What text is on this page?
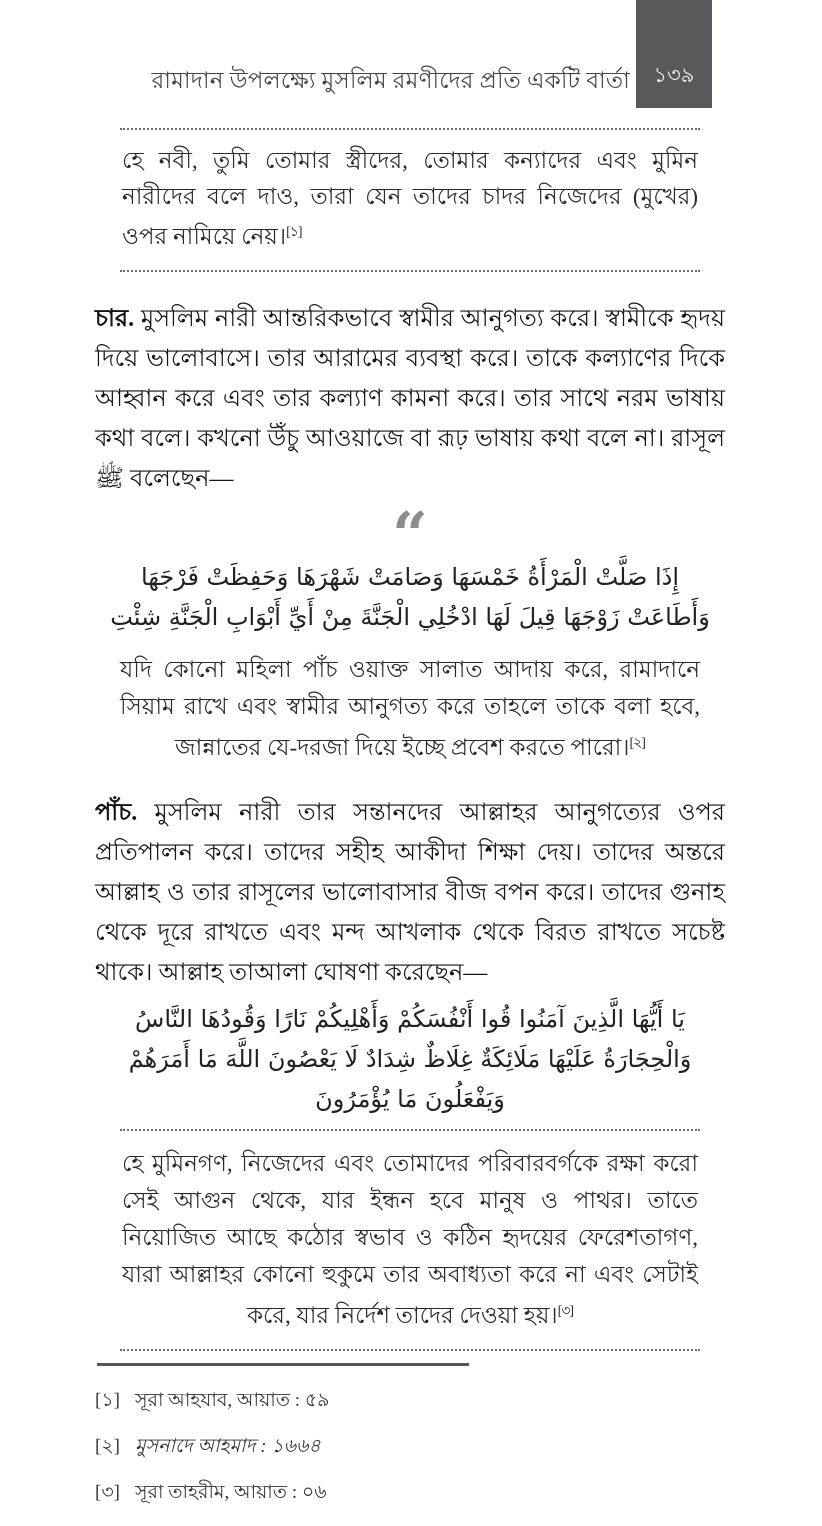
রামাদান উপলক্ষ্যে মুসলিম রমণীদের প্রতি একটি বার্তা ১৩৯
হে নবী, তুমি তোমার স্ত্রীদের, তোমার কন্যাদের এবং মুমিন নারীদের বলে দাও, তারা যেন তাদের চাদর নিজেদের (মুখের) ওপর নামিয়ে নেয়।[১]
চার. মুসলিম নারী আন্তরিকভাবে স্বামীর আনুগত্য করে। স্বামীকে হৃদয় দিয়ে ভালোবাসে। তার আরামের ব্যবস্থা করে। তাকে কল্যাণের দিকে আহ্বান করে এবং তার কল্যাণ কামনা করে। তার সাথে নরম ভাষায় কথা বলে। কখনো উঁচু আওয়াজে বা রূঢ় ভাষায় কথা বলে না। রাসূল ﷺ বলেছেন—
“
إِذَا صَلَّتْ الْمَرْأَةُ خَمْسَهَا وَصَامَتْ شَهْرَهَا وَحَفِظَتْ فَرْجَهَا وَأَطَاعَتْ زَوْجَهَا قِيلَ لَهَا ادْخُلِي الْجَنَّةَ مِنْ أَيِّ أَبْوَابِ الْجَنَّةِ شِئْتِ
যদি কোনো মহিলা পাঁচ ওয়াক্ত সালাত আদায় করে, রামাদানে সিয়াম রাখে এবং স্বামীর আনুগত্য করে তাহলে তাকে বলা হবে, জান্নাতের যে-দরজা দিয়ে ইচ্ছে প্রবেশ করতে পারো।[২]
পাঁচ. মুসলিম নারী তার সন্তানদের আল্লাহর আনুগত্যের ওপর প্রতিপালন করে। তাদের সহীহ আকীদা শিক্ষা দেয়। তাদের অন্তরে আল্লাহ ও তার রাসূলের ভালোবাসার বীজ বপন করে। তাদের গুনাহ থেকে দূরে রাখতে এবং মন্দ আখলাক থেকে বিরত রাখতে সচেষ্ট থাকে। আল্লাহ তাআলা ঘোষণা করেছেন—
يَا أَيُّهَا الَّذِينَ آمَنُوا قُوا أَنْفُسَكُمْ وَأَهْلِيكُمْ نَارًا وَقُودُهَا النَّاسُ وَالْحِجَارَةُ عَلَيْهَا مَلَائِكَةٌ غِلَاظٌ شِدَادٌ لَا يَعْصُونَ اللَّهَ مَا أَمَرَهُمْ وَيَفْعَلُونَ مَا يُؤْمَرُونَ
হে মুমিনগণ, নিজেদের এবং তোমাদের পরিবারবর্গকে রক্ষা করো সেই আগুন থেকে, যার ইন্ধন হবে মানুষ ও পাথর। তাতে নিয়োজিত আছে কঠোর স্বভাব ও কঠিন হৃদয়ের ফেরেশতাগণ, যারা আল্লাহর কোনো হুকুমে তার অবাধ্যতা করে না এবং সেটাই করে, যার নির্দেশ তাদের দেওয়া হয়।[৩]
[১] সূরা আহযাব, আয়াত : ৫৯
[২] মুসনাদে আহমাদ : ১৬৬৪
[৩] সূরা তাহরীম, আয়াত : ০৬
